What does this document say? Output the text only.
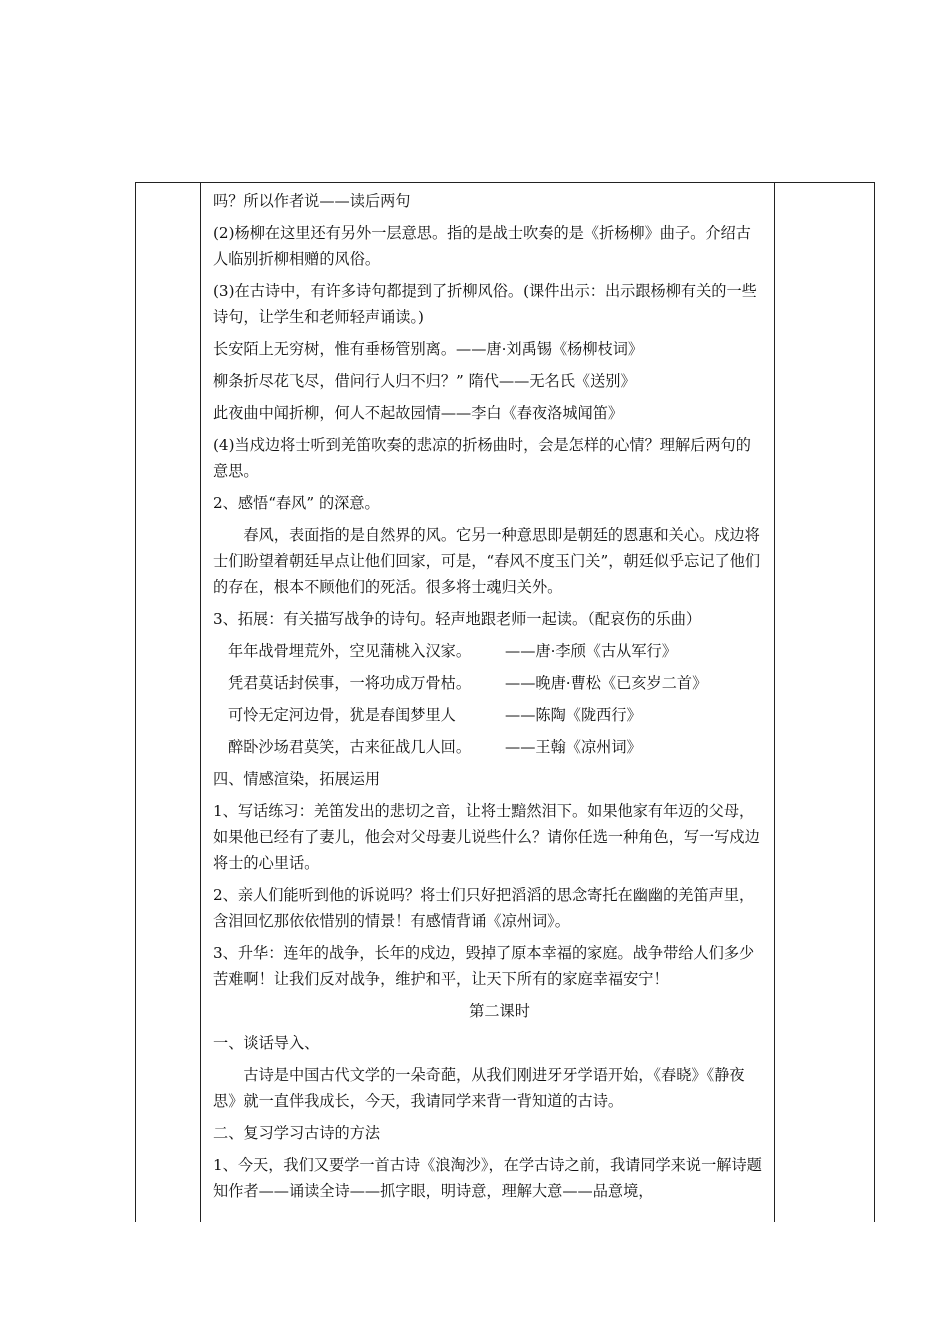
吗？所以作者说——读后两句

(2)杨柳在这里还有另外一层意思。指的是战士吹奏的是《折杨柳》曲子。介绍古人临别折柳相赠的风俗。

(3)在古诗中，有许多诗句都提到了折柳风俗。(课件出示：出示跟杨柳有关的一些诗句，让学生和老师轻声诵读。)

长安陌上无穷树，惟有垂杨管别离。——唐·刘禹锡《杨柳枝词》

柳条折尽花飞尽，借问行人归不归？” 隋代——无名氏《送别》

此夜曲中闻折柳，何人不起故园情——李白《春夜洛城闻笛》

(4)当戍边将士听到羌笛吹奏的悲凉的折杨曲时，会是怎样的心情？理解后两句的意思。

2、感悟“春风” 的深意。

春风，表面指的是自然界的风。它另一种意思即是朝廷的恩惠和关心。戍边将士们盼望着朝廷早点让他们回家，可是，“春风不度玉门关”，朝廷似乎忘记了他们的存在，根本不顾他们的死活。很多将士魂归关外。

3、拓展：有关描写战争的诗句。轻声地跟老师一起读。（配哀伤的乐曲）

年年战骨埋荒外，空见蒲桃入汉家。	——唐·李颀《古从军行》
凭君莫话封侯事，一将功成万骨枯。	——晚唐·曹松《已亥岁二首》
可怜无定河边骨，犹是春闺梦里人	——陈陶《陇西行》
醉卧沙场君莫笑，古来征战几人回。	——王翰《凉州词》

四、情感渲染，拓展运用

1、写话练习：羌笛发出的悲切之音，让将士黯然泪下。如果他家有年迈的父母，如果他已经有了妻儿，他会对父母妻儿说些什么？请你任选一种角色，写一写戍边将士的心里话。

2、亲人们能听到他的诉说吗？将士们只好把滔滔的思念寄托在幽幽的羌笛声里，含泪回忆那依依惜别的情景！有感情背诵《凉州词》。

3、升华：连年的战争，长年的戍边，毁掉了原本幸福的家庭。战争带给人们多少苦难啊！让我们反对战争，维护和平，让天下所有的家庭幸福安宁！

第二课时

一、谈话导入、

古诗是中国古代文学的一朵奇葩，从我们刚进牙牙学语开始，《春晓》《静夜思》就一直伴我成长，今天，我请同学来背一背知道的古诗。

二、复习学习古诗的方法

1、今天，我们又要学一首古诗《浪淘沙》，在学古诗之前，我请同学来说一解诗题　 知作者——诵读全诗——抓字眼，明诗意，理解大意——品意境，
